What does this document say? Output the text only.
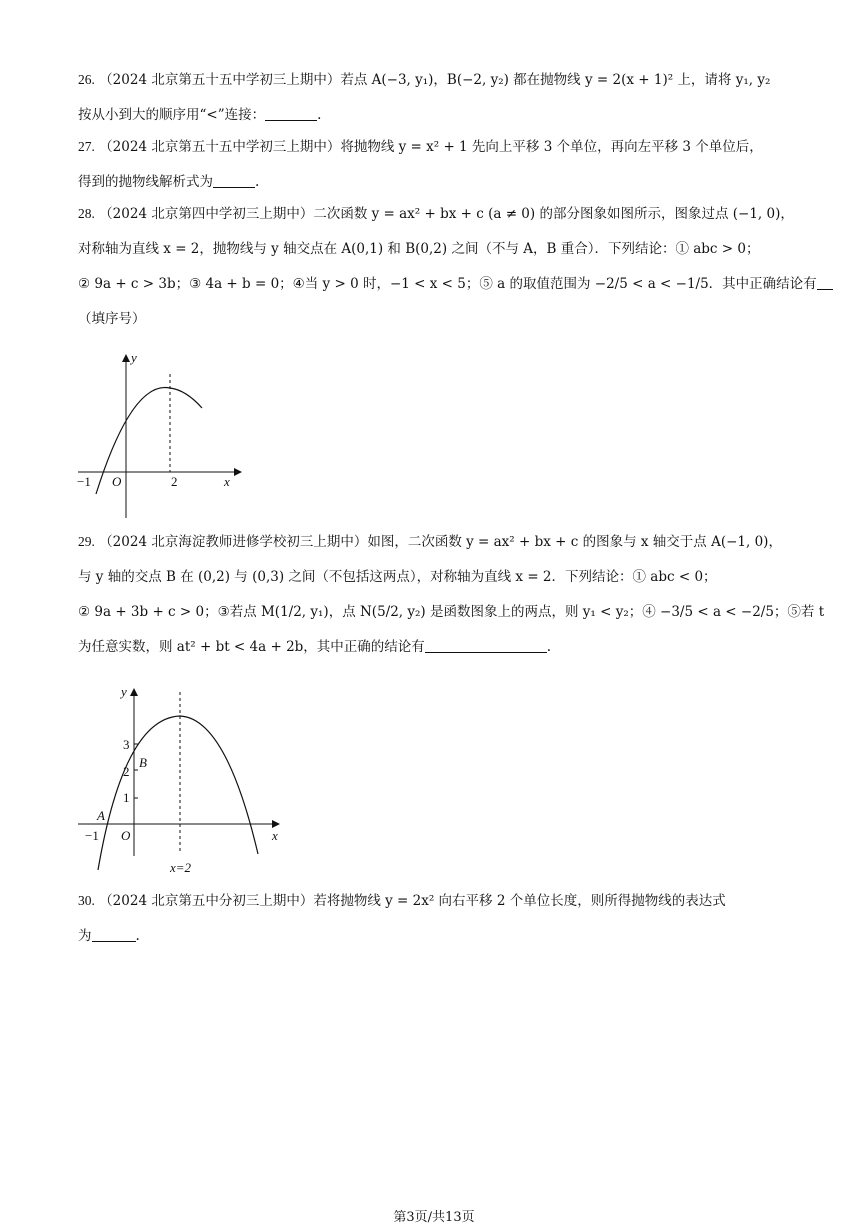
26. （2024 北京第五十五中学初三上期中）若点 A(−3, y₁)，B(−2, y₂) 都在抛物线 y = 2(x + 1)² 上，请将 y₁, y₂
按从小到大的顺序用“<”连接：	.
27. （2024 北京第五十五中学初三上期中）将抛物线 y = x² + 1 先向上平移 3 个单位，再向左平移 3 个单位后，
得到的抛物线解析式为	.
28. （2024 北京第四中学初三上期中）二次函数 y = ax² + bx + c (a ≠ 0) 的部分图象如图所示，图象过点 (−1, 0)，
对称轴为直线 x = 2，抛物线与 y 轴交点在 A(0,1) 和 B(0,2) 之间（不与 A，B 重合）．下列结论：① abc > 0；
② 9a + c > 3b；③ 4a + b = 0；④当 y > 0 时，−1 < x < 5；⑤ a 的取值范围为 −2/5 < a < −1/5．其中正确结论有
（填序号）
y
x
O
−1	2
29. （2024 北京海淀教师进修学校初三上期中）如图，二次函数 y = ax² + bx + c 的图象与 x 轴交于点 A(−1, 0)，
与 y 轴的交点 B 在 (0,2) 与 (0,3) 之间（不包括这两点），对称轴为直线 x = 2．下列结论：① abc < 0；
② 9a + 3b + c > 0；③若点 M(1/2, y₁)，点 N(5/2, y₂) 是函数图象上的两点，则 y₁ < y₂；④ −3/5 < a < −2/5；⑤若 t
为任意实数，则 at² + bt < 4a + 2b，其中正确的结论有	.
y
x
O
−1
A
B
1
2
3
x=2
30. （2024 北京第五中分初三上期中）若将抛物线 y = 2x² 向右平移 2 个单位长度，则所得抛物线的表达式
为	.
第3页/共13页
